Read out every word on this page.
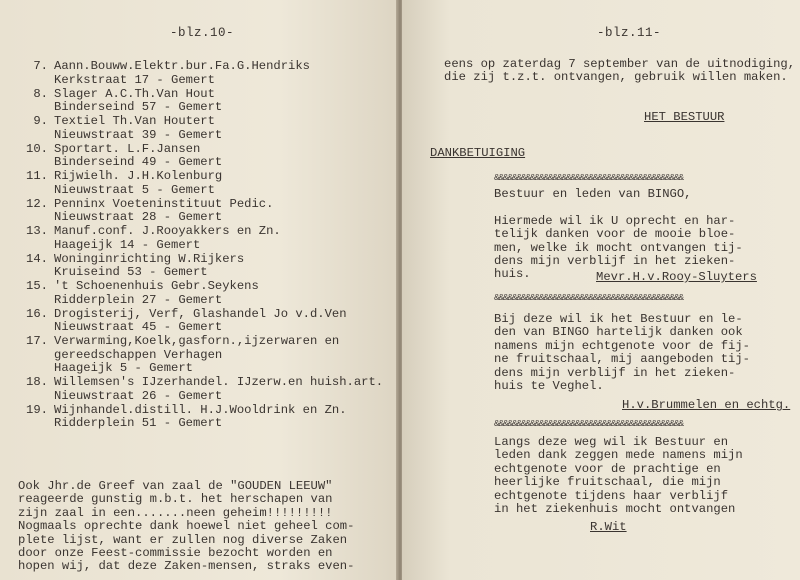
-blz.10-
7. Aann.Bouww.Elektr.bur.Fa.G.Hendriks
Kerkstraat 17 - Gemert
8. Slager A.C.Th.Van Hout
Binderseind 57 - Gemert
9. Textiel Th.Van Houtert
Nieuwstraat 39 - Gemert
10. Sportart. L.F.Jansen
Binderseind 49 - Gemert
11. Rijwielh. J.H.Kolenburg
Nieuwstraat 5 - Gemert
12. Penninx Voeteninstituut Pedic.
Nieuwstraat 28 - Gemert
13. Manuf.conf. J.Rooyakkers en Zn.
Haageijk 14 - Gemert
14. Woninginrichting W.Rijkers
Kruiseind 53 - Gemert
15. 't Schoenenhuis Gebr.Seykens
Ridderplein 27 - Gemert
16. Drogisterij, Verf, Glashandel Jo v.d.Ven
Nieuwstraat 45 - Gemert
17. Verwarming,Koelk,gasforn.,ijzerwaren en
gereedschappen Verhagen
Haageijk 5 - Gemert
18. Willemsen's IJzerhandel. IJzerw.en huish.art.
Nieuwstraat 26 - Gemert
19. Wijnhandel.distill. H.J.Wooldrink en Zn.
Ridderplein 51 - Gemert
Ook Jhr.de Greef van zaal de "GOUDEN LEEUW"
reageerde gunstig m.b.t. het herschapen van
zijn zaal in een.......neen geheim!!!!!!!!!
Nogmaals oprechte dank hoewel niet geheel com-
plete lijst, want er zullen nog diverse Zaken
door onze Feest-commissie bezocht worden en
hopen wij, dat deze Zaken-mensen, straks even-
-blz.11-
eens op zaterdag 7 september van de uitnodiging,
die zij t.z.t. ontvangen, gebruik willen maken.
HET BESTUUR
DANKBETUIGING
&&&&&&&&&&&&&&&&&&&&&&&&&&&&&&&&&&&&&&&&&&
Bestuur en leden van BINGO,
Hiermede wil ik U oprecht en har-
telijk danken voor de mooie bloe-
men, welke ik mocht ontvangen tij-
dens mijn verblijf in het zieken-
huis.	Mevr.H.v.Rooy-Sluyters
&&&&&&&&&&&&&&&&&&&&&&&&&&&&&&&&&&&&&&&&&&
Bij deze wil ik het Bestuur en le-
den van BINGO hartelijk danken ook
namens mijn echtgenote voor de fij-
ne fruitschaal, mij aangeboden tij-
dens mijn verblijf in het zieken-
huis te Veghel.
H.v.Brummelen en echtg.
&&&&&&&&&&&&&&&&&&&&&&&&&&&&&&&&&&&&&&&&&&
Langs deze weg wil ik Bestuur en
leden dank zeggen mede namens mijn
echtgenote voor de prachtige en
heerlijke fruitschaal, die mijn
echtgenote tijdens haar verblijf
in het ziekenhuis mocht ontvangen
R.Wit
